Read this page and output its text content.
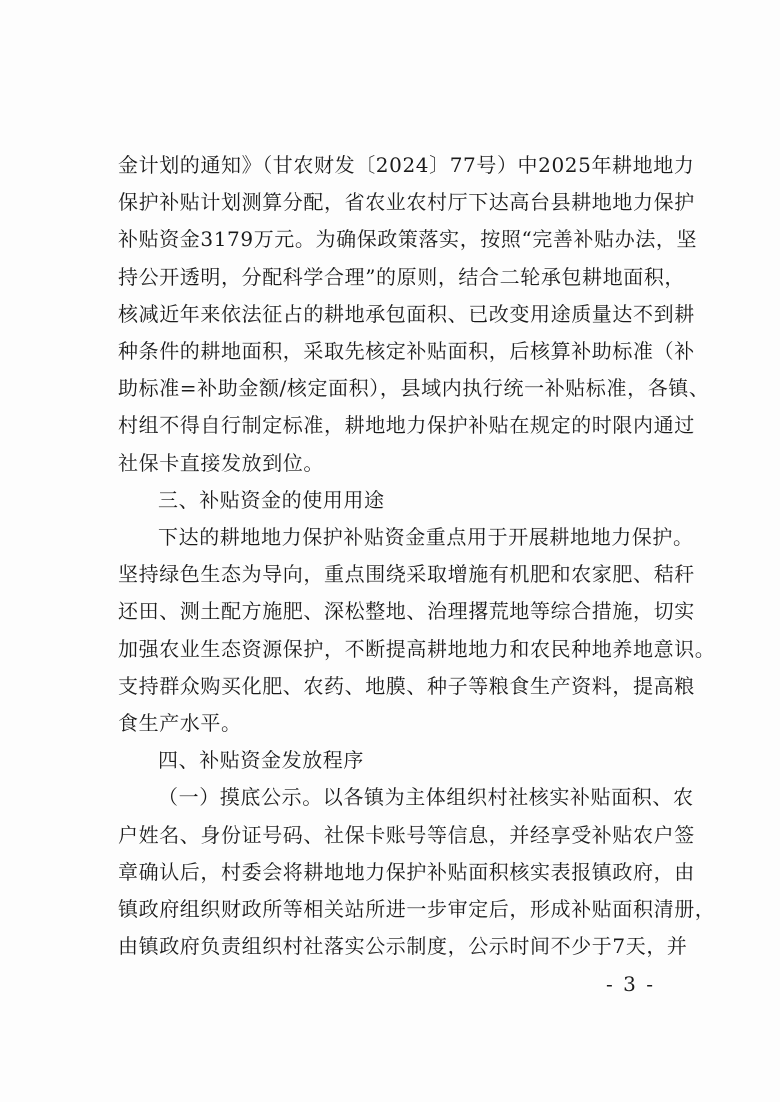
金计划的通知》（甘农财发〔2024〕77号）中2025年耕地地力
保护补贴计划测算分配，省农业农村厅下达高台县耕地地力保护
补贴资金3179万元。为确保政策落实，按照“完善补贴办法，坚
持公开透明，分配科学合理”的原则，结合二轮承包耕地面积，
核减近年来依法征占的耕地承包面积、已改变用途质量达不到耕
种条件的耕地面积，采取先核定补贴面积，后核算补助标准（补
助标准=补助金额/核定面积），县域内执行统一补贴标准，各镇、
村组不得自行制定标准，耕地地力保护补贴在规定的时限内通过
社保卡直接发放到位。
三、补贴资金的使用用途
下达的耕地地力保护补贴资金重点用于开展耕地地力保护。
坚持绿色生态为导向，重点围绕采取增施有机肥和农家肥、秸秆
还田、测土配方施肥、深松整地、治理撂荒地等综合措施，切实
加强农业生态资源保护，不断提高耕地地力和农民种地养地意识。
支持群众购买化肥、农药、地膜、种子等粮食生产资料，提高粮
食生产水平。
四、补贴资金发放程序
（一）摸底公示。以各镇为主体组织村社核实补贴面积、农
户姓名、身份证号码、社保卡账号等信息，并经享受补贴农户签
章确认后，村委会将耕地地力保护补贴面积核实表报镇政府，由
镇政府组织财政所等相关站所进一步审定后，形成补贴面积清册，
由镇政府负责组织村社落实公示制度，公示时间不少于7天，并
- 3 -
